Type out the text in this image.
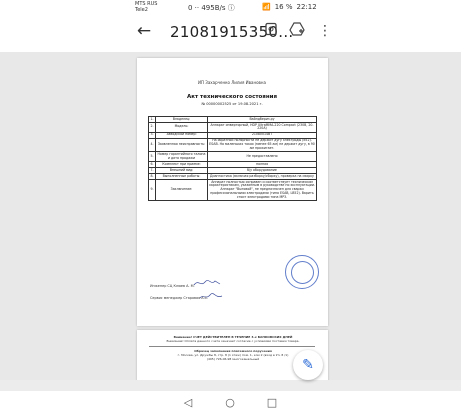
MTS RUS
Tele2	0 ·· 495B/s ⓘ	📶 16 % 22:12
← 21081915350... ⋮
ИП Захарченко Лилия Ивановна
Акт технического состояния
№ 00000002525 от 19.08.2021 г.
1.	Владелец:	Вайлдбериз.ру
2.	Модель:	Аппарат инверторный, HDP UltraMMA-220 Compact (230В, 20-220А)
3.	Заводской номер:	21080014ВТ
4.	Заявленная неисправность:	На обратной полярности не держит дугу электроды (d52). ESAB. На маленьких токах (менее 65 ам) не держит дугу, в 90 ам прожигает.
5.	Номер гарантийного талона и дата продажи	Не предоставлено
6.	Комплект при приеме:	полная
7.	Внешний вид:	б/у оборудование
8.	Выполненные работы:	Диагностика (включая разборку/сборку), проверка на сварку
9.	Заключение:	Аппарат полностью исправен и соответствует техническим характеристикам, указанным в руководстве по эксплуатации. Аппарат "Выговой", не предназначен для сварки профессиональными электродами (типа ESAB, LB52). Варить стоит электродами типа MP3.
Инженер СЦ Клюев А. М.
Сервис менеджер Старовая А.С.
Внимание! СЧЕТ ДЕЙСТВИТЕЛЕН В ТЕЧЕНИЕ 3-х БАНКОВСКИХ ДНЕЙ
Внимание! Оплата данного счета означает согласие с условиями поставки товара.
Образец заполнения платежного поручения
г. Москва, ул. Дружбы 8, стр. 8 (1 этаж) пом. 1, ком 2 (вход в Ул. 8 /1)
(495) 726-06-98 многоканальный	✎
◁	○	□
